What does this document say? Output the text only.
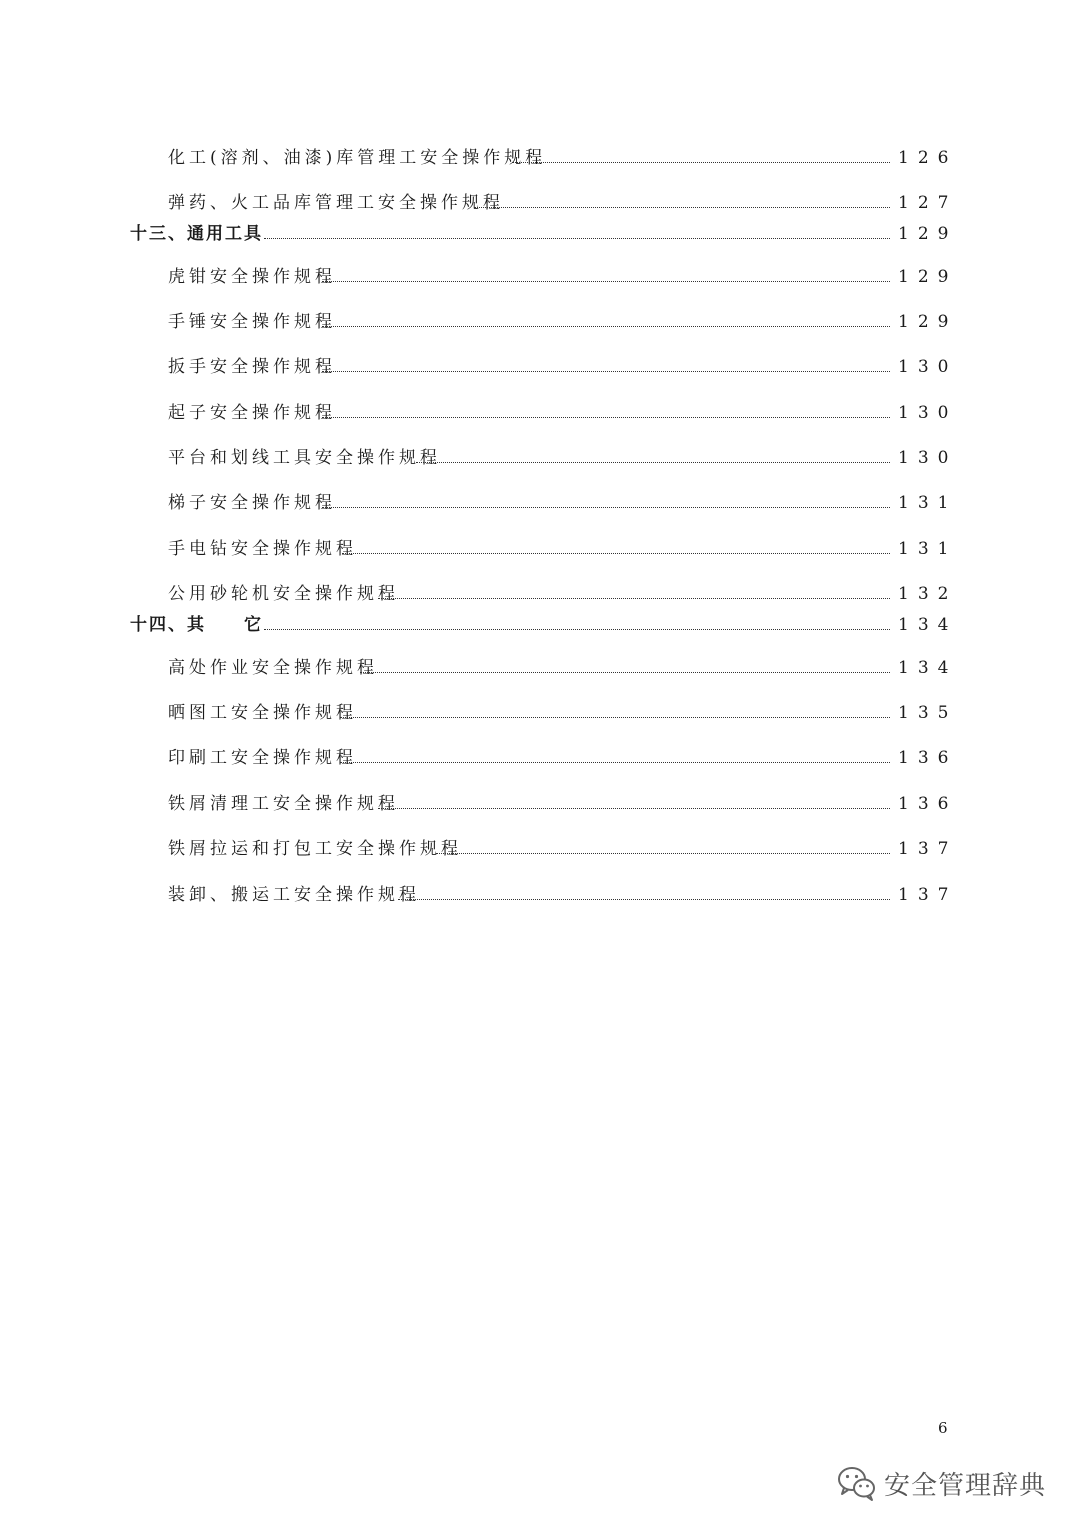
化工(溶剂、油漆)库管理工安全操作规程	126
弹药、火工品库管理工安全操作规程	127
十三、通用工具	129
虎钳安全操作规程	129
手锤安全操作规程	129
扳手安全操作规程	130
起子安全操作规程	130
平台和划线工具安全操作规程	130
梯子安全操作规程	131
手电钻安全操作规程	131
公用砂轮机安全操作规程	132
十四、其　　它	134
高处作业安全操作规程	134
晒图工安全操作规程	135
印刷工安全操作规程	136
铁屑清理工安全操作规程	136
铁屑拉运和打包工安全操作规程	137
装卸、搬运工安全操作规程	137
6
安全管理辞典
